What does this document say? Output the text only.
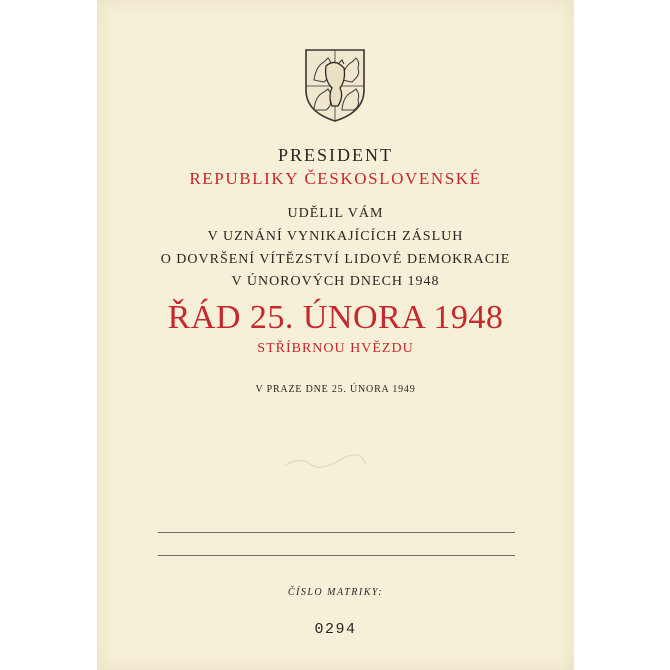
PRESIDENT
REPUBLIKY ČESKOSLOVENSKÉ
UDĚLIL VÁM
V UZNÁNÍ VYNIKAJÍCÍCH ZÁSLUH
O DOVRŠENÍ VÍTĚZSTVÍ LIDOVÉ DEMOKRACIE
V ÚNOROVÝCH DNECH 1948
ŘÁD 25. ÚNORA 1948
STŘÍBRNOU HVĚZDU
V PRAZE DNE 25. ÚNORA 1949
ČÍSLO MATRIKY:
0294
